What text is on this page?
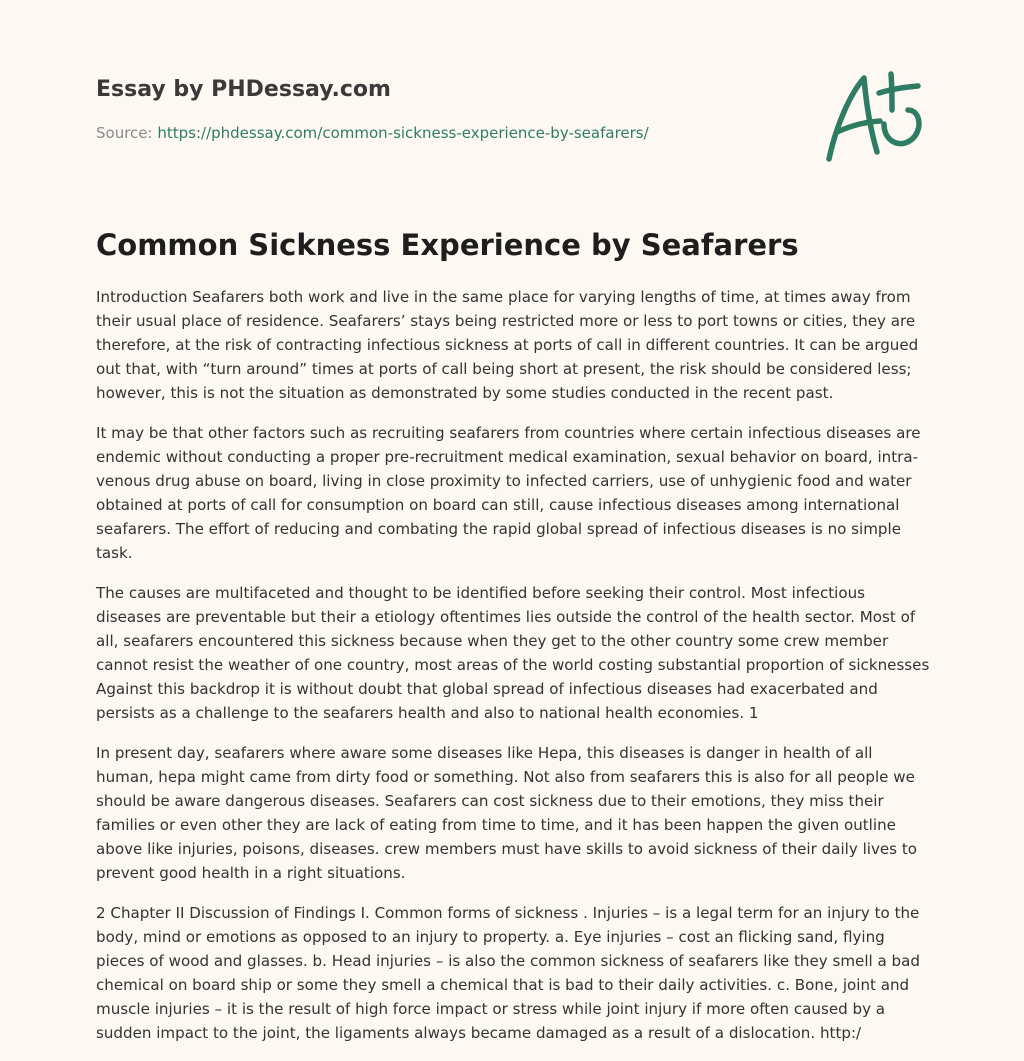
Essay by PHDessay.com
Source: https://phdessay.com/common-sickness-experience-by-seafarers/
Common Sickness Experience by Seafarers

Introduction Seafarers both work and live in the same place for varying lengths of time, at times away from their usual place of residence. Seafarers’ stays being restricted more or less to port towns or cities, they are therefore, at the risk of contracting infectious sickness at ports of call in different countries. It can be argued out that, with “turn around” times at ports of call being short at present, the risk should be considered less; however, this is not the situation as demonstrated by some studies conducted in the recent past.

It may be that other factors such as recruiting seafarers from countries where certain infectious diseases are endemic without conducting a proper pre-recruitment medical examination, sexual behavior on board, intra-venous drug abuse on board, living in close proximity to infected carriers, use of unhygienic food and water obtained at ports of call for consumption on board can still, cause infectious diseases among international seafarers. The effort of reducing and combating the rapid global spread of infectious diseases is no simple task.

The causes are multifaceted and thought to be identified before seeking their control. Most infectious diseases are preventable but their a etiology oftentimes lies outside the control of the health sector. Most of all, seafarers encountered this sickness because when they get to the other country some crew member cannot resist the weather of one country, most areas of the world costing substantial proportion of sicknesses Against this backdrop it is without doubt that global spread of infectious diseases had exacerbated and persists as a challenge to the seafarers health and also to national health economies. 1

In present day, seafarers where aware some diseases like Hepa, this diseases is danger in health of all human, hepa might came from dirty food or something. Not also from seafarers this is also for all people we should be aware dangerous diseases. Seafarers can cost sickness due to their emotions, they miss their families or even other they are lack of eating from time to time, and it has been happen the given outline above like injuries, poisons, diseases. crew members must have skills to avoid sickness of their daily lives to prevent good health in a right situations.

2 Chapter II Discussion of Findings I. Common forms of sickness . Injuries – is a legal term for an injury to the body, mind or emotions as opposed to an injury to property. a. Eye injuries – cost an flicking sand, flying pieces of wood and glasses. b. Head injuries – is also the common sickness of seafarers like they smell a bad chemical on board ship or some they smell a chemical that is bad to their daily activities. c. Bone, joint and muscle injuries – it is the result of high force impact or stress while joint injury if more often caused by a sudden impact to the joint, the ligaments always became damaged as a result of a dislocation. http:/
